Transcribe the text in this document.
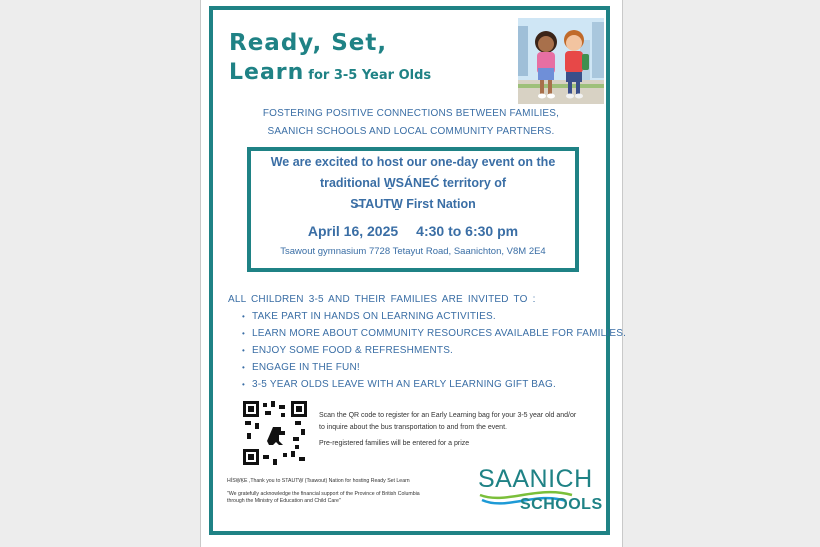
Ready, Set,
Learn for 3-5 Year Olds
FOSTERING POSITIVE CONNECTIONS BETWEEN FAMILIES,
SAANICH SCHOOLS AND LOCAL COMMUNITY PARTNERS.
We are excited to host our one-day event on the
traditional W̱SÁNEĆ territory of
S̶TAUTW̱ First Nation
April 16, 2025 4:30 to 6:30 pm
Tsawout gymnasium 7728 Tetayut Road, Saanichton, V8M 2E4
ALL CHILDREN 3-5 AND THEIR FAMILIES ARE INVITED TO :
• TAKE PART IN HANDS ON LEARNING ACTIVITIES.
• LEARN MORE ABOUT COMMUNITY RESOURCES AVAILABLE FOR FAMILIES.
• ENJOY SOME FOOD & REFRESHMENTS.
• ENGAGE IN THE FUN!
• 3-5 YEAR OLDS LEAVE WITH AN EARLY LEARNING GIFT BAG.
Scan the QR code to register for an Early Learning bag for your 3-5 year old and/or
to inquire about the bus transportation to and from the event.
Pre-registered families will be entered for a prize
HÍSW̱ḴE ,Thank you to STAUTW̱ (Tsawout) Nation for hosting Ready Set Learn
"We gratefully acknowledge the financial support of the Province of British Columbia
through the Ministry of Education and Child Care"
SAANICH
SCHOOLS
